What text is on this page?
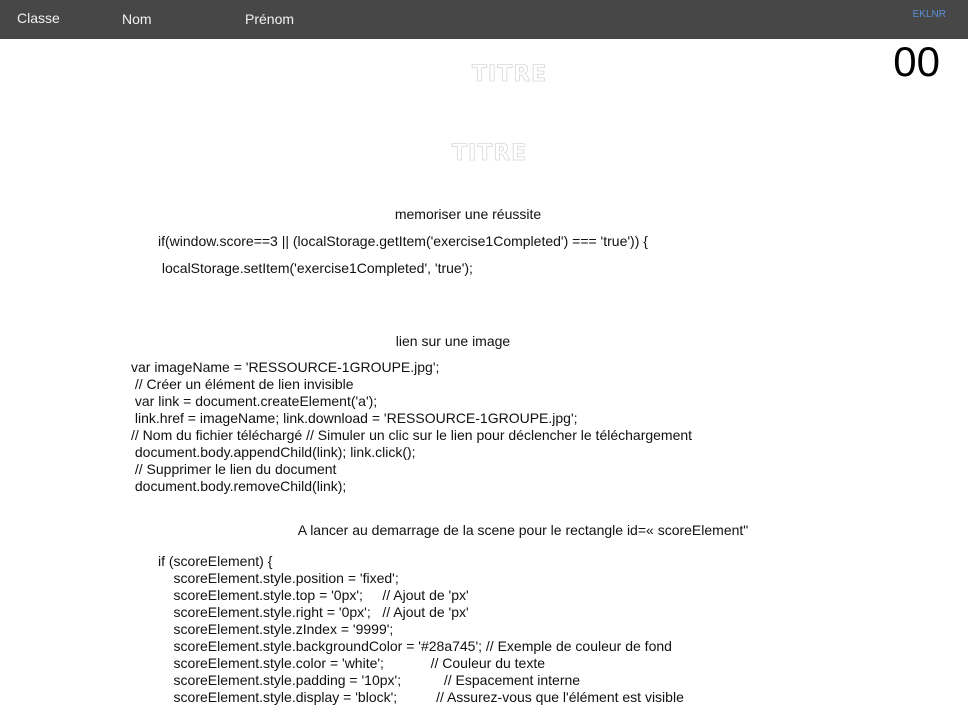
Classe	Nom	Prénom	EKLNR
00
TITRE
TITRE
memoriser une réussite
if(window.score==3 || (localStorage.getItem('exercise1Completed') === 'true')) {
localStorage.setItem('exercise1Completed', 'true');
lien sur une image
var imageName = 'RESSOURCE-1GROUPE.jpg';
// Créer un élément de lien invisible
var link = document.createElement('a');
link.href = imageName; link.download = 'RESSOURCE-1GROUPE.jpg';
// Nom du fichier téléchargé // Simuler un clic sur le lien pour déclencher le téléchargement
document.body.appendChild(link); link.click();
// Supprimer le lien du document
document.body.removeChild(link);
A lancer au demarrage de la scene pour le rectangle id=« scoreElement"
if (scoreElement) {
scoreElement.style.position = 'fixed';
scoreElement.style.top = '0px';     // Ajout de 'px'
scoreElement.style.right = '0px';   // Ajout de 'px'
scoreElement.style.zIndex = '9999';
scoreElement.style.backgroundColor = '#28a745'; // Exemple de couleur de fond
scoreElement.style.color = 'white';            // Couleur du texte
scoreElement.style.padding = '10px';           // Espacement interne
scoreElement.style.display = 'block';          // Assurez-vous que l'élément est visible
